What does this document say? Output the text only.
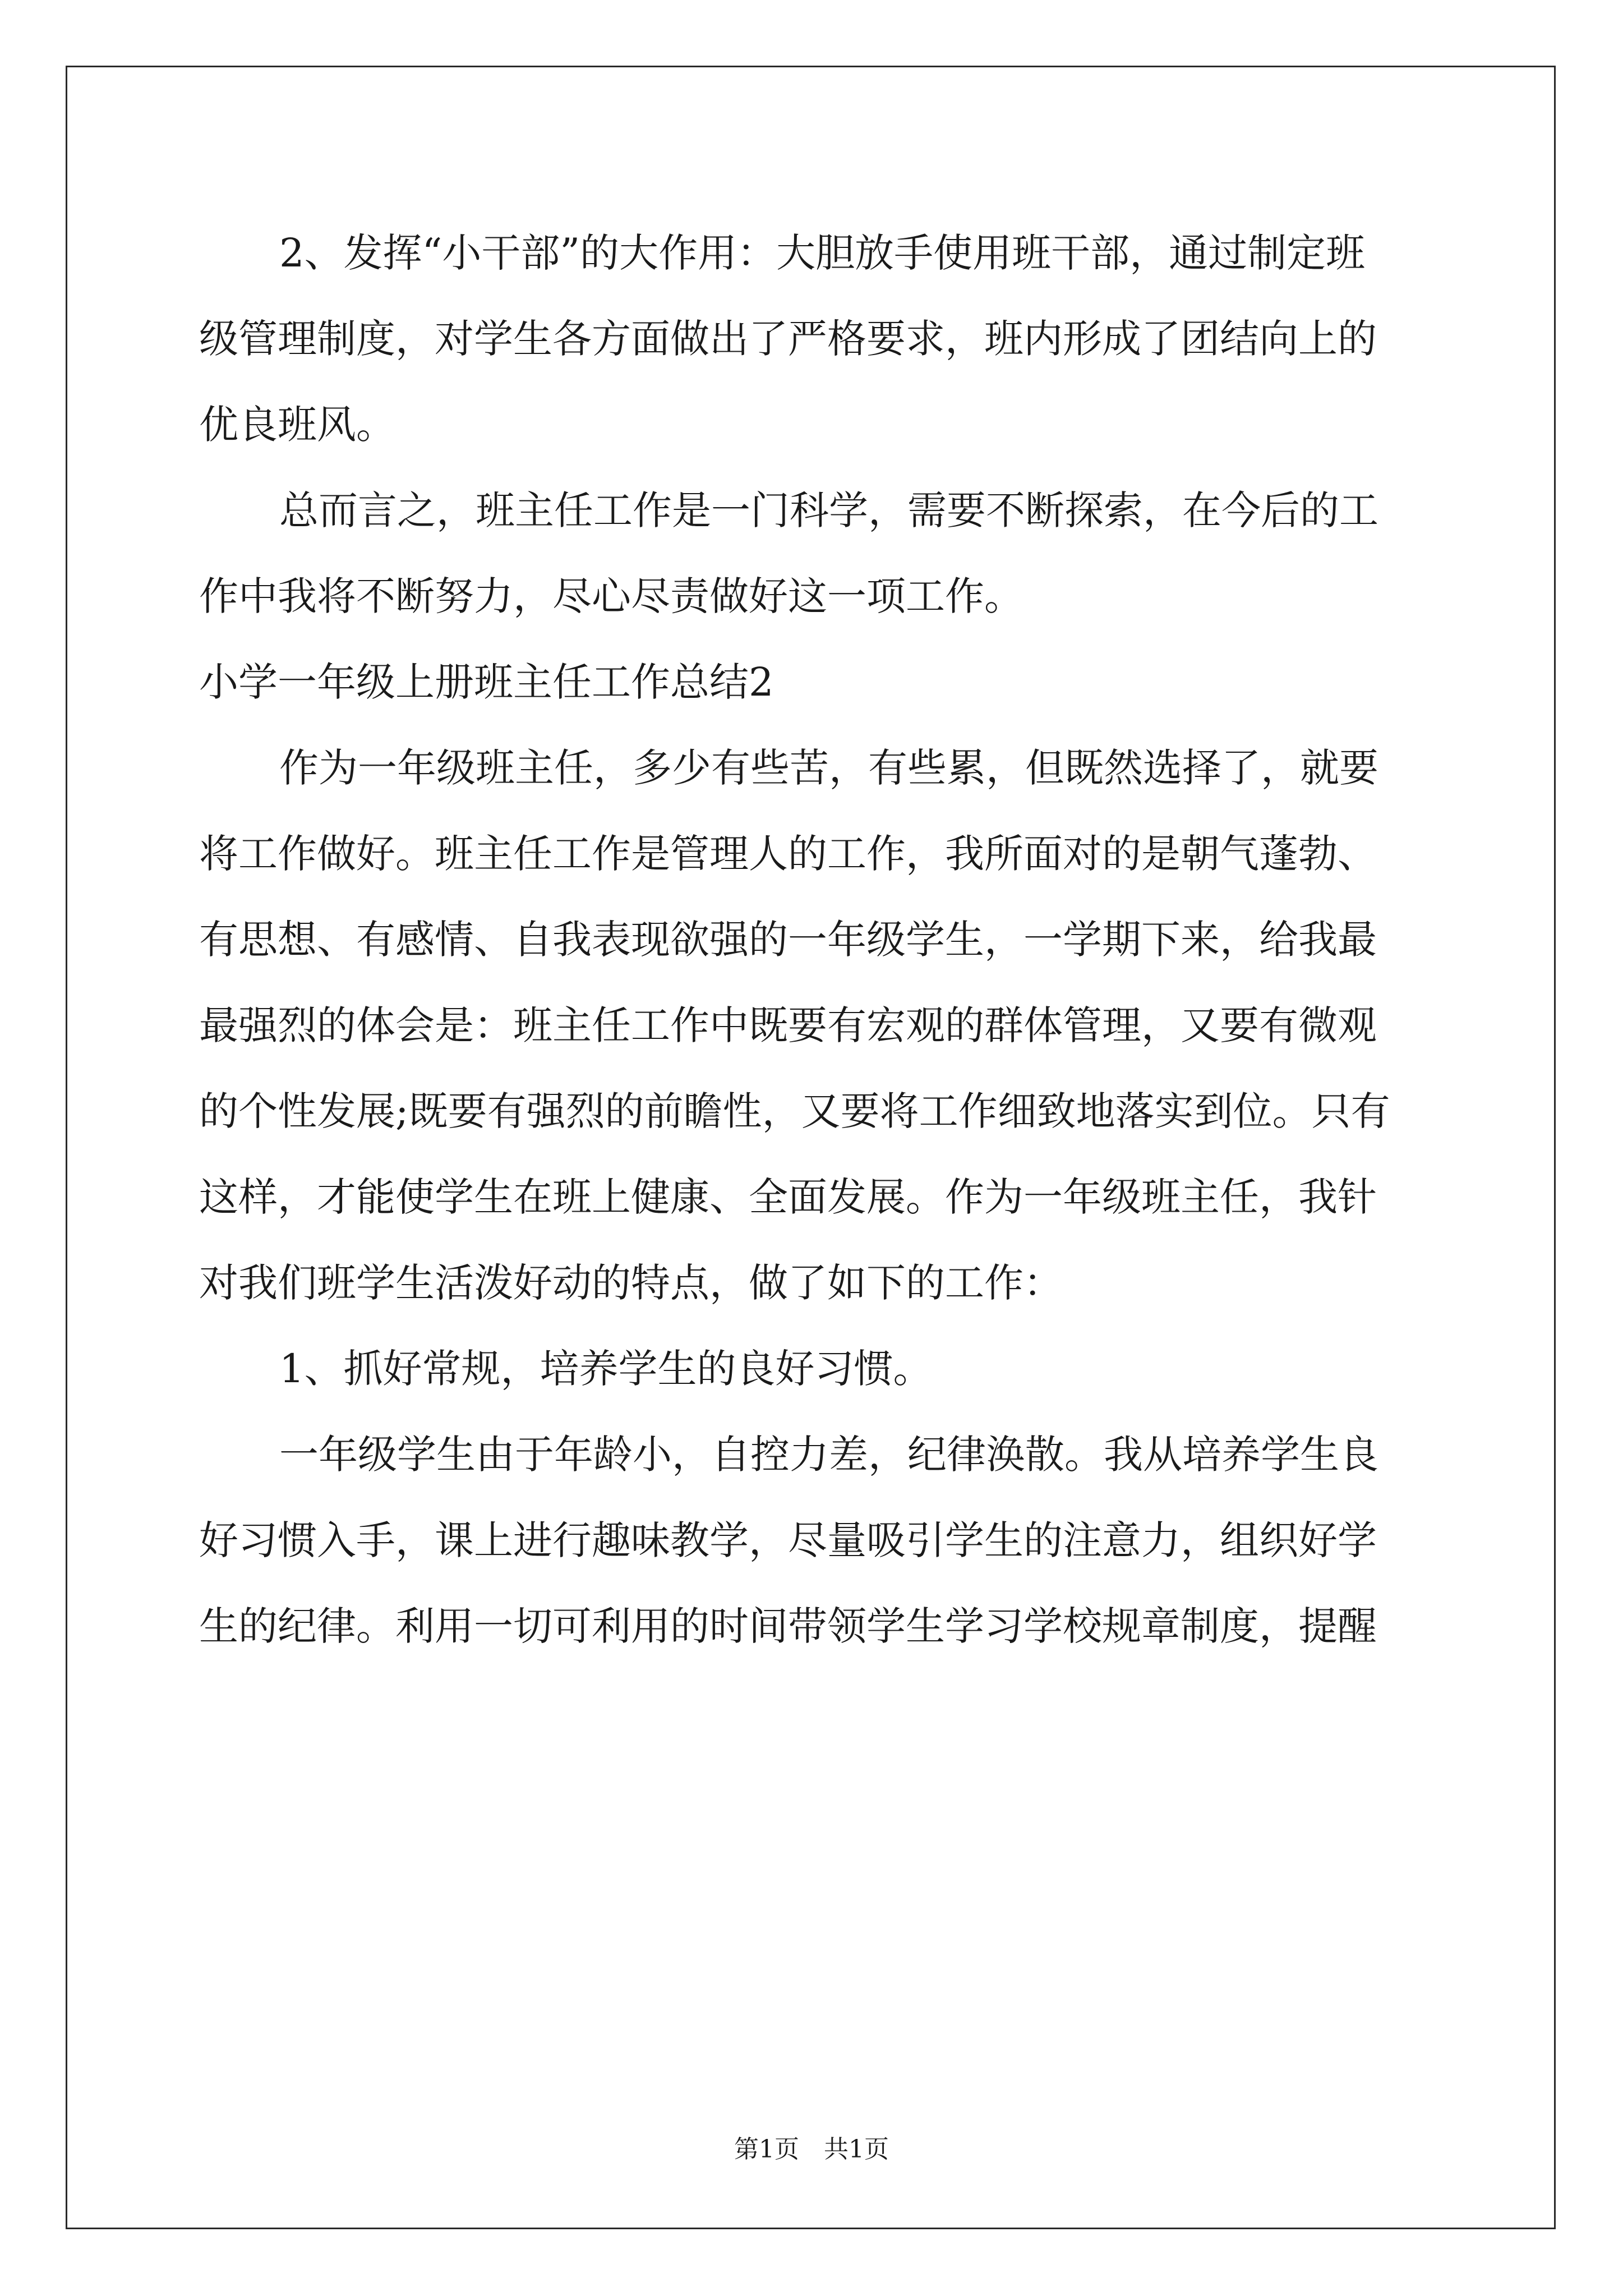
2、发挥“小干部”的大作用：大胆放手使用班干部，通过制定班

级管理制度，对学生各方面做出了严格要求，班内形成了团结向上的

优良班风。

总而言之，班主任工作是一门科学，需要不断探索，在今后的工

作中我将不断努力，尽心尽责做好这一项工作。

小学一年级上册班主任工作总结2

作为一年级班主任，多少有些苦，有些累，但既然选择了，就要

将工作做好。班主任工作是管理人的工作，我所面对的是朝气蓬勃、

有思想、有感情、自我表现欲强的一年级学生，一学期下来，给我最

最强烈的体会是：班主任工作中既要有宏观的群体管理，又要有微观

的个性发展;既要有强烈的前瞻性，又要将工作细致地落实到位。只有

这样，才能使学生在班上健康、全面发展。作为一年级班主任，我针

对我们班学生活泼好动的特点，做了如下的工作：

1、抓好常规，培养学生的良好习惯。

一年级学生由于年龄小，自控力差，纪律涣散。我从培养学生良

好习惯入手，课上进行趣味教学，尽量吸引学生的注意力，组织好学

生的纪律。利用一切可利用的时间带领学生学习学校规章制度，提醒

第1页　共1页
